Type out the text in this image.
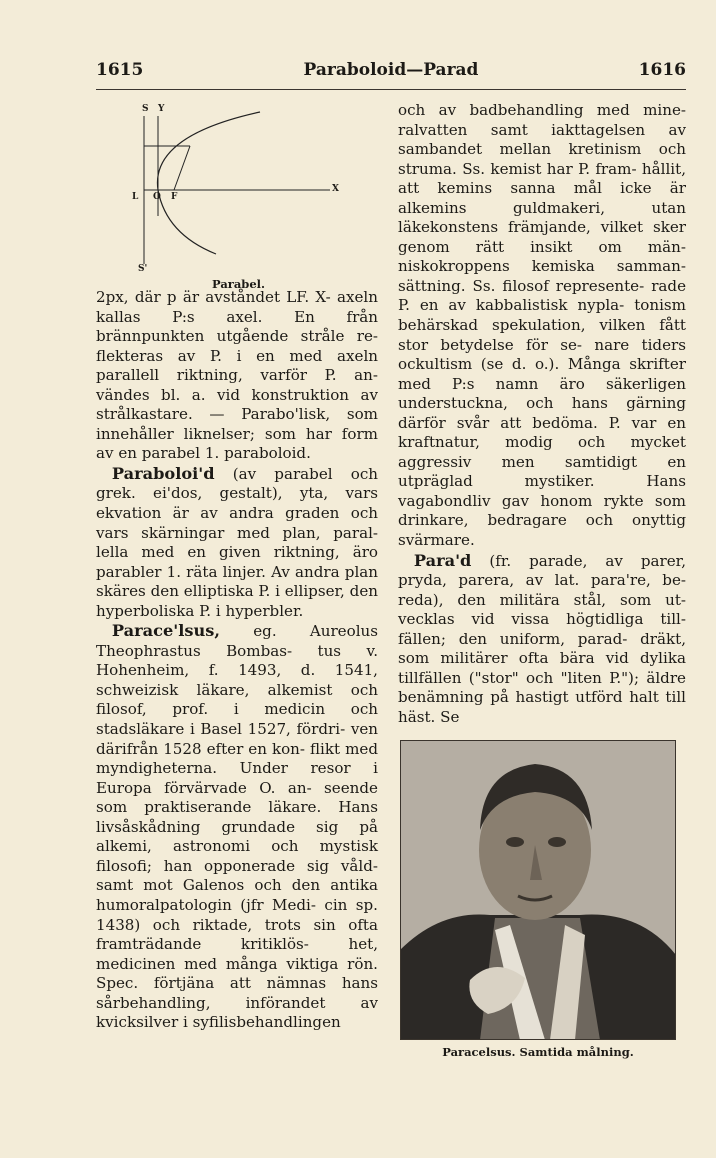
1615	Paraboloid—Parad	1616
S Y
L O F
X
S'
Parabel.

2px, där p är avståndet LF. X- axeln kallas P:s axel. En från brännpunkten utgående stråle re- flekteras av P. i en med axeln parallell riktning, varför P. an- vändes bl. a. vid konstruktion av strålkastare. — Parabo'lisk, som innehåller liknelser; som har form av en parabel 1. paraboloid.

Paraboloi'd (av parabel och grek. ei'dos, gestalt), yta, vars ekvation är av andra graden och vars skärningar med plan, paral- lella med en given riktning, äro parabler 1. räta linjer. Av andra plan skäres den elliptiska P. i ellipser, den hyperboliska P. i hyperbler.

Parace'lsus, eg. Aureolus Theophrastus Bombas- tus v. Hohenheim, f. 1493, d. 1541, schweizisk läkare, alkemist och filosof, prof. i medicin och stadsläkare i Basel 1527, fördri- ven därifrån 1528 efter en kon- flikt med myndigheterna. Under resor i Europa förvärvade O. an- seende som praktiserande läkare. Hans livsåskådning grundade sig på alkemi, astronomi och mystisk filosofi; han opponerade sig våld- samt mot Galenos och den antika humoralpatologin (jfr Medi- cin sp. 1438) och riktade, trots sin ofta framträdande kritiklös-	het, medicinen med många viktiga rön. Spec. förtjäna att nämnas hans sårbehandling, införandet av kvicksilver i syfilisbehandlingen

och av badbehandling med mine- ralvatten samt iakttagelsen av sambandet mellan kretinism och struma. Ss. kemist har P. fram- hållit, att kemins sanna mål icke är alkemins guldmakeri, utan läkekonstens främjande, vilket sker genom rätt insikt om män- niskokroppens kemiska samman- sättning. Ss. filosof represente- rade P. en av kabbalistisk nypla- tonism behärskad spekulation, vilken fått stor betydelse för se- nare tiders ockultism (se d. o.). Många skrifter med P:s namn äro säkerligen understuckna, och hans gärning därför svår att bedöma. P. var en kraftnatur, modig och mycket aggressiv men samtidigt en utpräglad mystiker. Hans vagabondliv gav honom rykte som drinkare, bedragare och onyttig svärmare.

Para'd (fr. parade, av parer, pryda, parera, av lat. para're, be- reda), den militära stål, som ut- vecklas vid vissa högtidliga till- fällen; den uniform, parad- dräkt, som militärer ofta bära vid dylika tillfällen ("stor" och "liten P."); äldre benämning på hastigt utförd halt till häst. Se

Paracelsus. Samtida målning.
